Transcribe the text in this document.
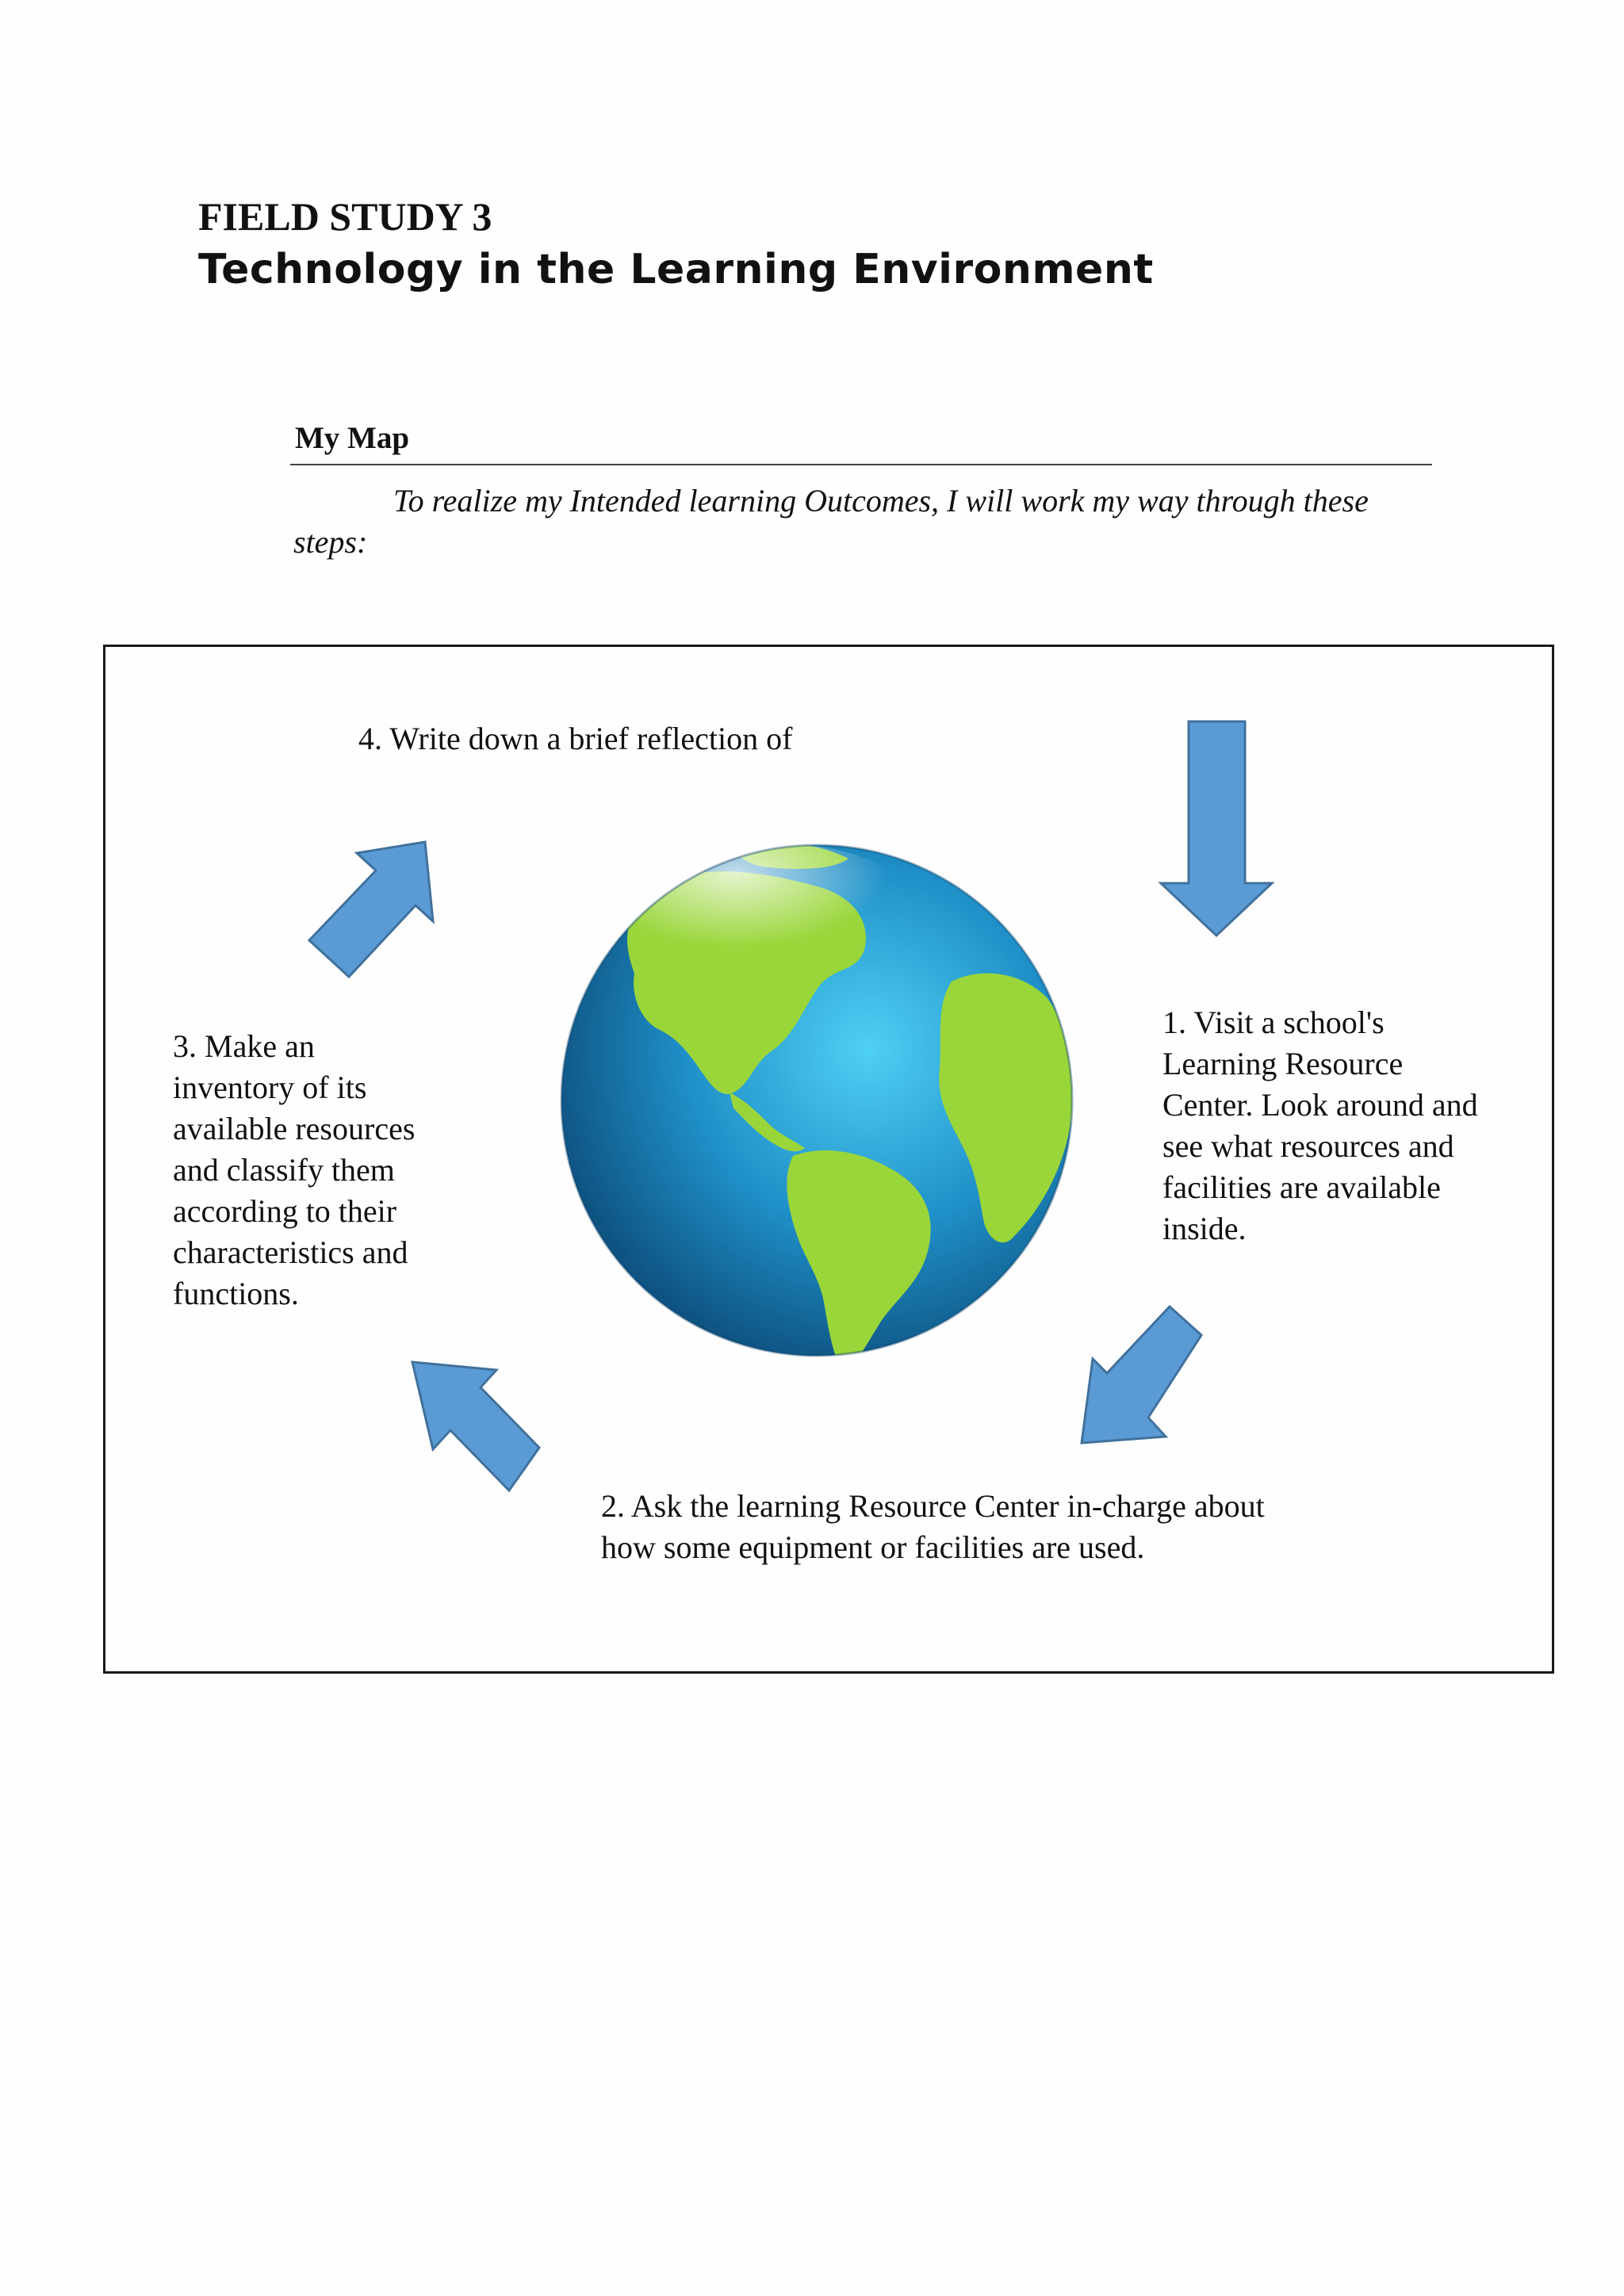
FIELD STUDY 3
Technology in the Learning Environment
My Map
To realize my Intended learning Outcomes, I will work my way through these steps:
4. Write down a brief reflection of
1. Visit a school's Learning Resource Center. Look around and see what resources and facilities are available inside.
3. Make an inventory of its available resources and classify them according to their characteristics and functions.
2. Ask the learning Resource Center in-charge about how some equipment or facilities are used.
